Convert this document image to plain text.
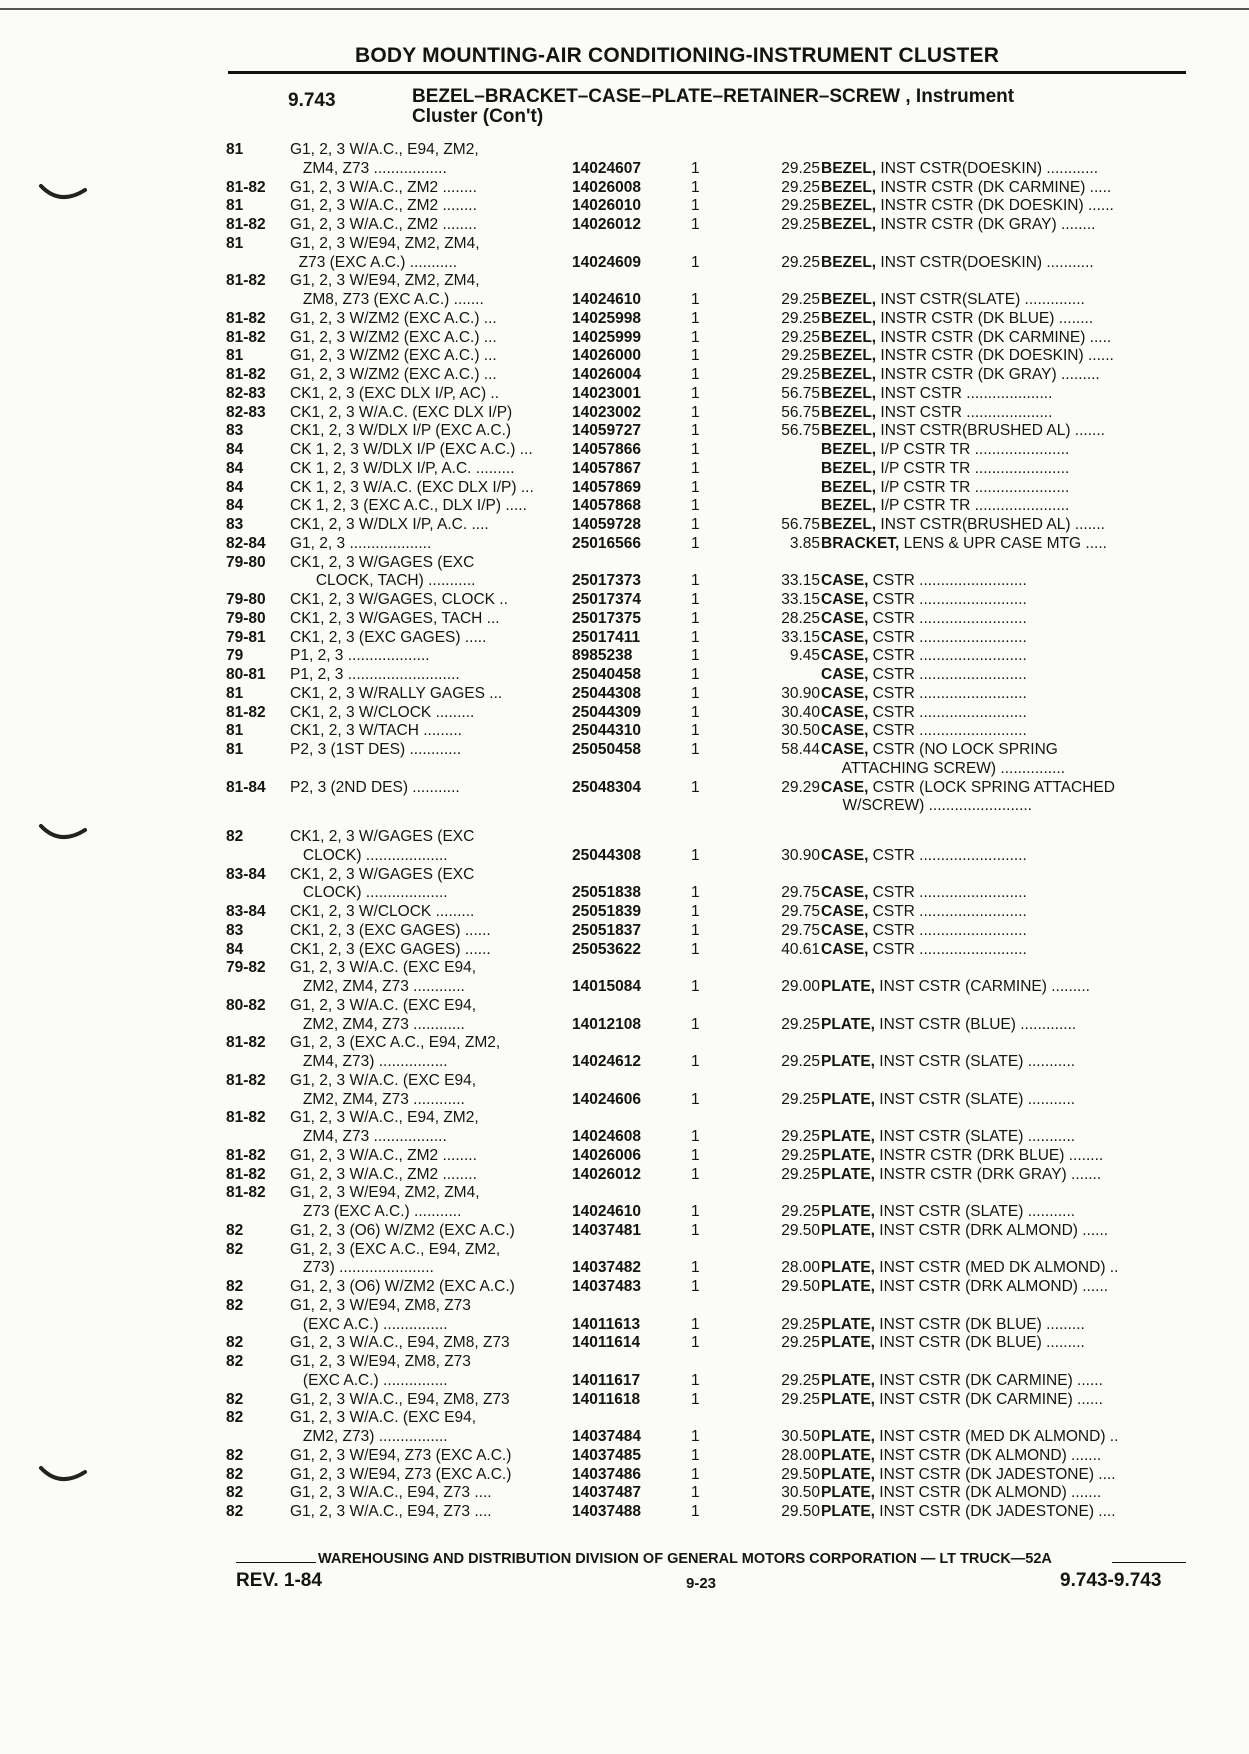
BODY MOUNTING-AIR CONDITIONING-INSTRUMENT CLUSTER
9.743	BEZEL–BRACKET–CASE–PLATE–RETAINER–SCREW , Instrument
Cluster (Con't)
81	G1, 2, 3 W/A.C., E94, ZM2,
ZM4, Z73 .................	14024607	1	29.25 BEZEL, INST CSTR(DOESKIN) ............
81-82 G1, 2, 3 W/A.C., ZM2 ........	14026008	1	29.25 BEZEL, INSTR CSTR (DK CARMINE) .....
81	G1, 2, 3 W/A.C., ZM2 ........	14026010	1	29.25 BEZEL, INSTR CSTR (DK DOESKIN) ......
81-82 G1, 2, 3 W/A.C., ZM2 ........	14026012	1	29.25 BEZEL, INSTR CSTR (DK GRAY) ........
81	G1, 2, 3 W/E94, ZM2, ZM4,
Z73 (EXC A.C.) ...........	14024609	1	29.25 BEZEL, INST CSTR(DOESKIN) ...........
81-82 G1, 2, 3 W/E94, ZM2, ZM4,
ZM8, Z73 (EXC A.C.) .......	14024610	1	29.25 BEZEL, INST CSTR(SLATE) ..............
81-82 G1, 2, 3 W/ZM2 (EXC A.C.) ...	14025998	1	29.25 BEZEL, INSTR CSTR (DK BLUE) ........
81-82 G1, 2, 3 W/ZM2 (EXC A.C.) ...	14025999	1	29.25 BEZEL, INSTR CSTR (DK CARMINE) .....
81	G1, 2, 3 W/ZM2 (EXC A.C.) ...	14026000	1	29.25 BEZEL, INSTR CSTR (DK DOESKIN) ......
81-82 G1, 2, 3 W/ZM2 (EXC A.C.) ...	14026004	1	29.25 BEZEL, INSTR CSTR (DK GRAY) .........
82-83 CK1, 2, 3 (EXC DLX I/P, AC) ..	14023001	1	56.75 BEZEL, INST CSTR ....................
82-83 CK1, 2, 3 W/A.C. (EXC DLX I/P)	14023002	1	56.75 BEZEL, INST CSTR ....................
83	CK1, 2, 3 W/DLX I/P (EXC A.C.)	14059727	1	56.75 BEZEL, INST CSTR(BRUSHED AL) .......
84	CK 1, 2, 3 W/DLX I/P (EXC A.C.) ...	14057866	1	BEZEL, I/P CSTR TR ......................
84	CK 1, 2, 3 W/DLX I/P, A.C. .........	14057867	1	BEZEL, I/P CSTR TR ......................
84	CK 1, 2, 3 W/A.C. (EXC DLX I/P) ...	14057869	1	BEZEL, I/P CSTR TR ......................
84	CK 1, 2, 3 (EXC A.C., DLX I/P) .....	14057868	1	BEZEL, I/P CSTR TR ......................
83	CK1, 2, 3 W/DLX I/P, A.C. ....	14059728	1	56.75 BEZEL, INST CSTR(BRUSHED AL) .......
82-84 G1, 2, 3 ...................	25016566	1	3.85 BRACKET, LENS & UPR CASE MTG .....
79-80 CK1, 2, 3 W/GAGES (EXC
CLOCK, TACH) ...........	25017373	1	33.15 CASE, CSTR .........................
79-80 CK1, 2, 3 W/GAGES, CLOCK ..	25017374	1	33.15 CASE, CSTR .........................
79-80 CK1, 2, 3 W/GAGES, TACH ...	25017375	1	28.25 CASE, CSTR .........................
79-81 CK1, 2, 3 (EXC GAGES) .....	25017411	1	33.15 CASE, CSTR .........................
79	P1, 2, 3 ...................	8985238	1	9.45 CASE, CSTR .........................
80-81 P1, 2, 3 ..........................	25040458	1	CASE, CSTR .........................
81	CK1, 2, 3 W/RALLY GAGES ...	25044308	1	30.90 CASE, CSTR .........................
81-82 CK1, 2, 3 W/CLOCK .........	25044309	1	30.40 CASE, CSTR .........................
81	CK1, 2, 3 W/TACH .........	25044310	1	30.50 CASE, CSTR .........................
81	P2, 3 (1ST DES) ............	25050458	1	58.44 CASE, CSTR (NO LOCK SPRING
ATTACHING SCREW) ...............
81-84 P2, 3 (2ND DES) ...........	25048304	1	29.29 CASE, CSTR (LOCK SPRING ATTACHED
W/SCREW) ........................
82	CK1, 2, 3 W/GAGES (EXC
CLOCK) ...................	25044308	1	30.90 CASE, CSTR .........................
83-84 CK1, 2, 3 W/GAGES (EXC
CLOCK) ...................	25051838	1	29.75 CASE, CSTR .........................
83-84 CK1, 2, 3 W/CLOCK .........	25051839	1	29.75 CASE, CSTR .........................
83	CK1, 2, 3 (EXC GAGES) ......	25051837	1	29.75 CASE, CSTR .........................
84	CK1, 2, 3 (EXC GAGES) ......	25053622	1	40.61 CASE, CSTR .........................
79-82 G1, 2, 3 W/A.C. (EXC E94,
ZM2, ZM4, Z73 ............	14015084	1	29.00 PLATE, INST CSTR (CARMINE) .........
80-82 G1, 2, 3 W/A.C. (EXC E94,
ZM2, ZM4, Z73 ............	14012108	1	29.25 PLATE, INST CSTR (BLUE) .............
81-82 G1, 2, 3 (EXC A.C., E94, ZM2,
ZM4, Z73) ................	14024612	1	29.25 PLATE, INST CSTR (SLATE) ...........
81-82 G1, 2, 3 W/A.C. (EXC E94,
ZM2, ZM4, Z73 ............	14024606	1	29.25 PLATE, INST CSTR (SLATE) ...........
81-82 G1, 2, 3 W/A.C., E94, ZM2,
ZM4, Z73 .................	14024608	1	29.25 PLATE, INST CSTR (SLATE) ...........
81-82 G1, 2, 3 W/A.C., ZM2 ........	14026006	1	29.25 PLATE, INSTR CSTR (DRK BLUE) ........
81-82 G1, 2, 3 W/A.C., ZM2 ........	14026012	1	29.25 PLATE, INSTR CSTR (DRK GRAY) .......
81-82 G1, 2, 3 W/E94, ZM2, ZM4,
Z73 (EXC A.C.) ...........	14024610	1	29.25 PLATE, INST CSTR (SLATE) ...........
82	G1, 2, 3 (O6) W/ZM2 (EXC A.C.)	14037481	1	29.50 PLATE, INST CSTR (DRK ALMOND) ......
82	G1, 2, 3 (EXC A.C., E94, ZM2,
Z73) ......................	14037482	1	28.00 PLATE, INST CSTR (MED DK ALMOND) ..
82	G1, 2, 3 (O6) W/ZM2 (EXC A.C.)	14037483	1	29.50 PLATE, INST CSTR (DRK ALMOND) ......
82	G1, 2, 3 W/E94, ZM8, Z73
(EXC A.C.) ...............	14011613	1	29.25 PLATE, INST CSTR (DK BLUE) .........
82	G1, 2, 3 W/A.C., E94, ZM8, Z73	14011614	1	29.25 PLATE, INST CSTR (DK BLUE) .........
82	G1, 2, 3 W/E94, ZM8, Z73
(EXC A.C.) ...............	14011617	1	29.25 PLATE, INST CSTR (DK CARMINE) ......
82	G1, 2, 3 W/A.C., E94, ZM8, Z73	14011618	1	29.25 PLATE, INST CSTR (DK CARMINE) ......
82	G1, 2, 3 W/A.C. (EXC E94,
ZM2, Z73) ................	14037484	1	30.50 PLATE, INST CSTR (MED DK ALMOND) ..
82	G1, 2, 3 W/E94, Z73 (EXC A.C.)	14037485	1	28.00 PLATE, INST CSTR (DK ALMOND) .......
82	G1, 2, 3 W/E94, Z73 (EXC A.C.)	14037486	1	29.50 PLATE, INST CSTR (DK JADESTONE) ....
82	G1, 2, 3 W/A.C., E94, Z73 ....	14037487	1	30.50 PLATE, INST CSTR (DK ALMOND) .......
82	G1, 2, 3 W/A.C., E94, Z73 ....	14037488	1	29.50 PLATE, INST CSTR (DK JADESTONE) ....
WAREHOUSING AND DISTRIBUTION DIVISION OF GENERAL MOTORS CORPORATION — LT TRUCK—52A
REV. 1-84	9-23	9.743-9.743
